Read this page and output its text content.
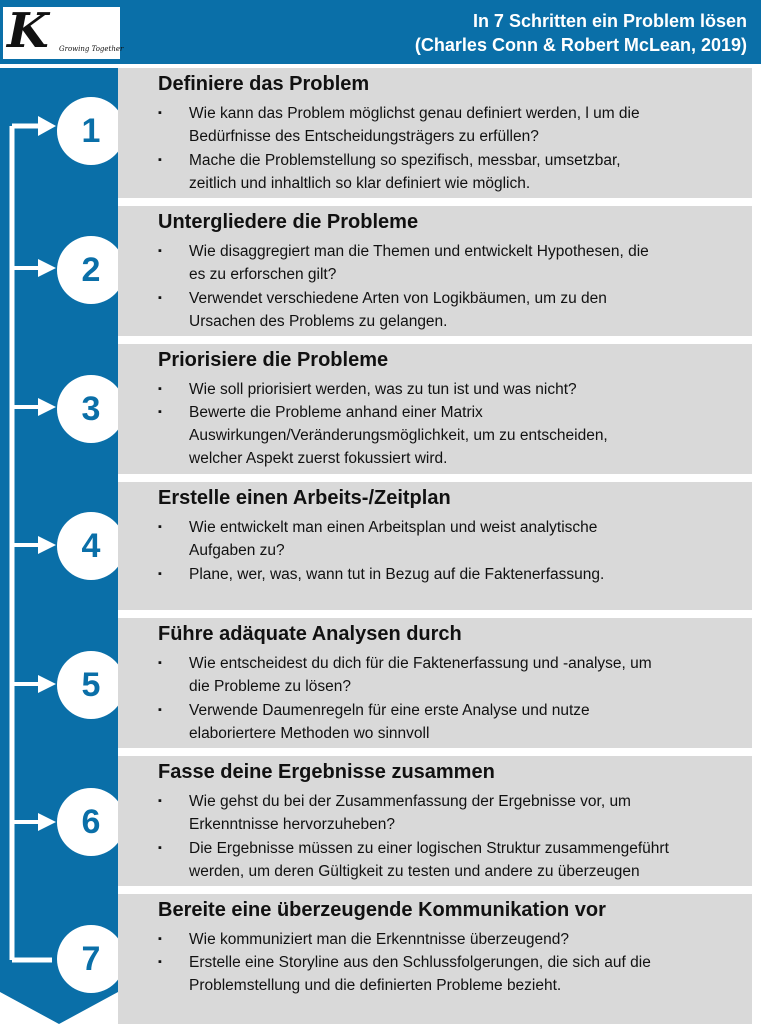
K Growing Together
In 7 Schritten ein Problem lösen
(Charles Conn & Robert McLean, 2019)
1
2
3
4
5
6
7
Definiere das Problem
▪	Wie kann das Problem möglichst genau definiert werden, l um die
Bedürfnisse des Entscheidungsträgers zu erfüllen?
▪	Mache die Problemstellung so spezifisch, messbar, umsetzbar,
zeitlich und inhaltlich so klar definiert wie möglich.
Untergliedere die Probleme
▪	Wie disaggregiert man die Themen und entwickelt Hypothesen, die
es zu erforschen gilt?
▪	Verwendet verschiedene Arten von Logikbäumen, um zu den
Ursachen des Problems zu gelangen.
Priorisiere die Probleme
▪	Wie soll priorisiert werden, was zu tun ist und was nicht?
▪	Bewerte die Probleme anhand einer Matrix
Auswirkungen/Veränderungsmöglichkeit, um zu entscheiden,
welcher Aspekt zuerst fokussiert wird.
Erstelle einen Arbeits-/Zeitplan
▪	Wie entwickelt man einen Arbeitsplan und weist analytische
Aufgaben zu?
▪	Plane, wer, was, wann tut in Bezug auf die Faktenerfassung.
Führe adäquate Analysen durch
▪	Wie entscheidest du dich für die Faktenerfassung und -analyse, um
die Probleme zu lösen?
▪	Verwende Daumenregeln für eine erste Analyse und nutze
elaboriertere Methoden wo sinnvoll
Fasse deine Ergebnisse zusammen
▪	Wie gehst du bei der Zusammenfassung der Ergebnisse vor, um
Erkenntnisse hervorzuheben?
▪	Die Ergebnisse müssen zu einer logischen Struktur zusammengeführt
werden, um deren Gültigkeit zu testen und andere zu überzeugen
Bereite eine überzeugende Kommunikation vor
▪	Wie kommuniziert man die Erkenntnisse überzeugend?
▪	Erstelle eine Storyline aus den Schlussfolgerungen, die sich auf die
Problemstellung und die definierten Probleme bezieht.
